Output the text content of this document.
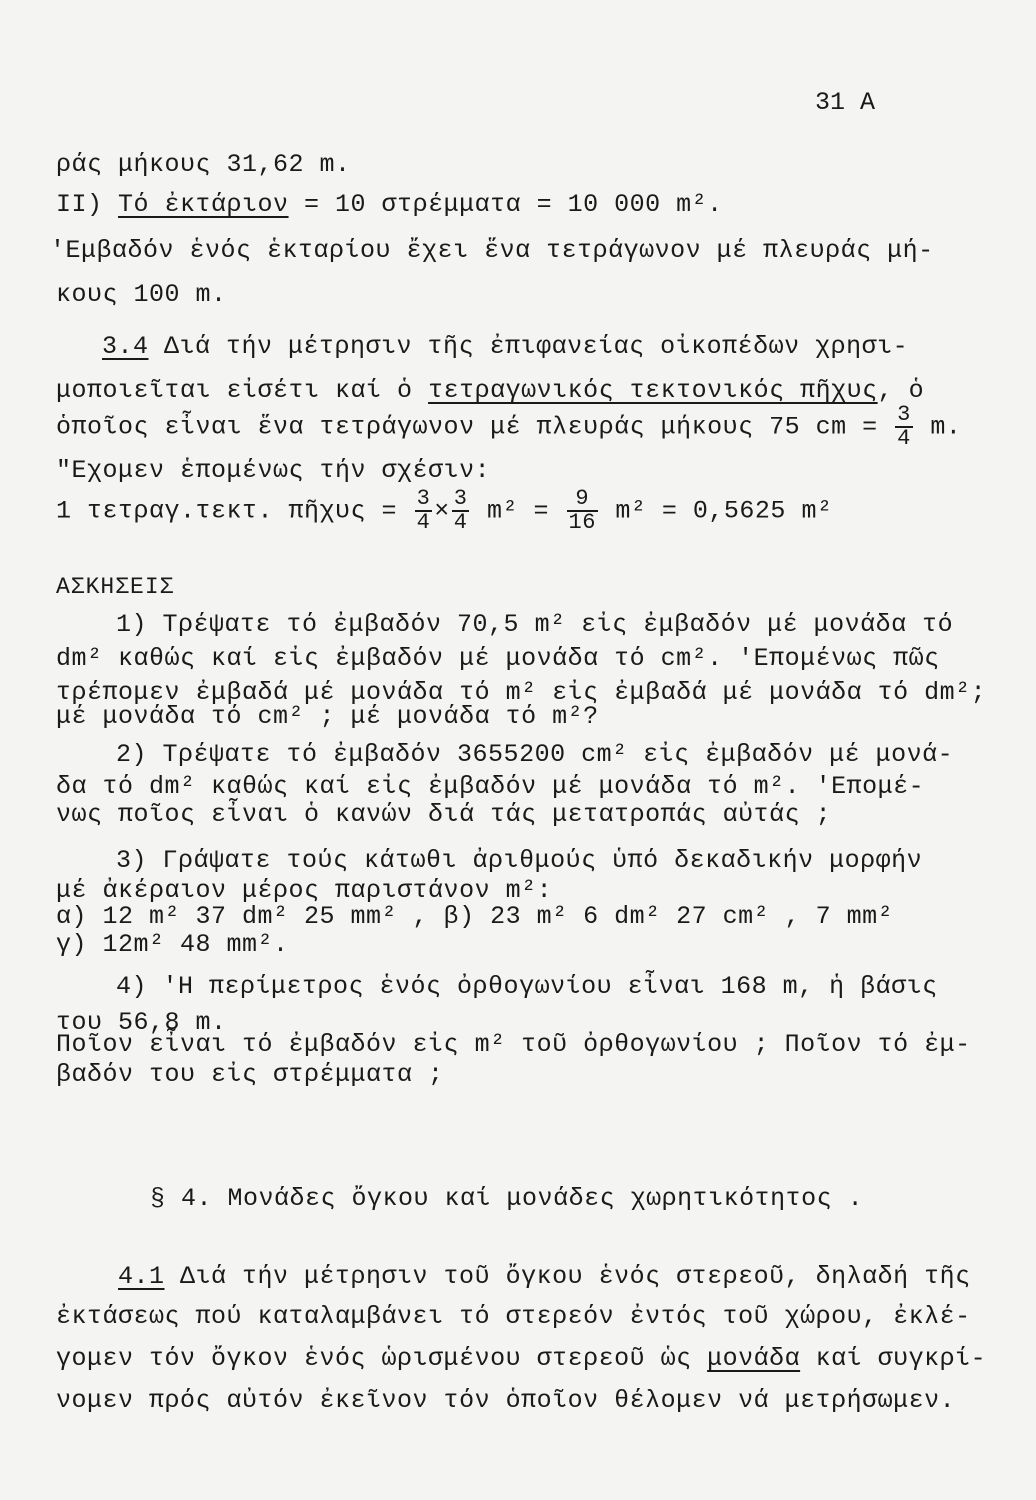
31 A
ράς μήκους 31,62 m.
II) Τό ἐκτάριον = 10 στρέμματα = 10 000 m².
'Εμβαδόν ἑνός ἑκταρίου ἔχει ἕνα τετράγωνον μέ πλευράς μή-
κους 100 m.
3.4 Διά τήν μέτρησιν τῆς ἐπιφανείας οἰκοπέδων χρησι-
μοποιεῖται εἰσέτι καί ὁ τετραγωνικός τεκτονικός πῆχυς, ὁ
ὁποῖος εἶναι ἕνα τετράγωνον μέ πλευράς μήκους 75 cm = $\frac{3}{4} m$.
"Εχομεν ἑπομένως τήν σχέσιν:
1 τετραγ.τεκτ. πῆχυς = $\frac{3}{4} \times \frac{3}{4} m^2 = \frac{9}{16} m^2 = 0,5625$ m²
ΑΣΚΗΣΕΙΣ
1) Τρέψατε τό ἐμβαδόν 70,5 m² εἰς ἐμβαδόν μέ μονάδα τό
dm² καθώς καί εἰς ἐμβαδόν μέ μονάδα τό cm². 'Επομένως πῶς
τρέπομεν ἐμβαδά μέ μονάδα τό m² εἰς ἐμβαδά μέ μονάδα τό dm²;
μέ μονάδα τό cm² ; μέ μονάδα τό m²?
2) Τρέψατε τό ἐμβαδόν 3655200 cm² εἰς ἐμβαδόν μέ μονά-
δα τό dm² καθώς καί εἰς ἐμβαδόν μέ μονάδα τό m². 'Επομέ-
νως ποῖος εἶναι ὁ κανών διά τάς μετατροπάς αὐτάς ;
3) Γράψατε τούς κάτωθι ἀριθμούς ὑπό δεκαδικήν μορφήν
μέ ἀκέραιον μέρος παριστάνον m²:
α) 12 m² 37 dm² 25 mm² , β) 23 m² 6 dm² 27 cm² , 7 mm²
γ) 12m² 48 mm².
4) 'Η περίμετρος ἑνός ὀρθογωνίου εἶναι 168 m, ἡ βάσις
του 56,8 m.
Ποῖον εἶναι τό ἐμβαδόν εἰς m² τοῦ ὀρθογωνίου ; Ποῖον τό ἐμ-
βαδόν του εἰς στρέμματα ;
§ 4. Μονάδες ὄγκου καί μονάδες χωρητικότητος .
4.1 Διά τήν μέτρησιν τοῦ ὄγκου ἑνός στερεοῦ, δηλαδή τῆς
ἐκτάσεως πού καταλαμβάνει τό στερεόν ἐντός τοῦ χώρου, ἐκλέ-
γομεν τόν ὄγκον ἑνός ὡρισμένου στερεοῦ ὡς μονάδα καί συγκρί-
νομεν πρός αὐτόν ἐκεῖνον τόν ὁποῖον θέλομεν νά μετρήσωμεν.
